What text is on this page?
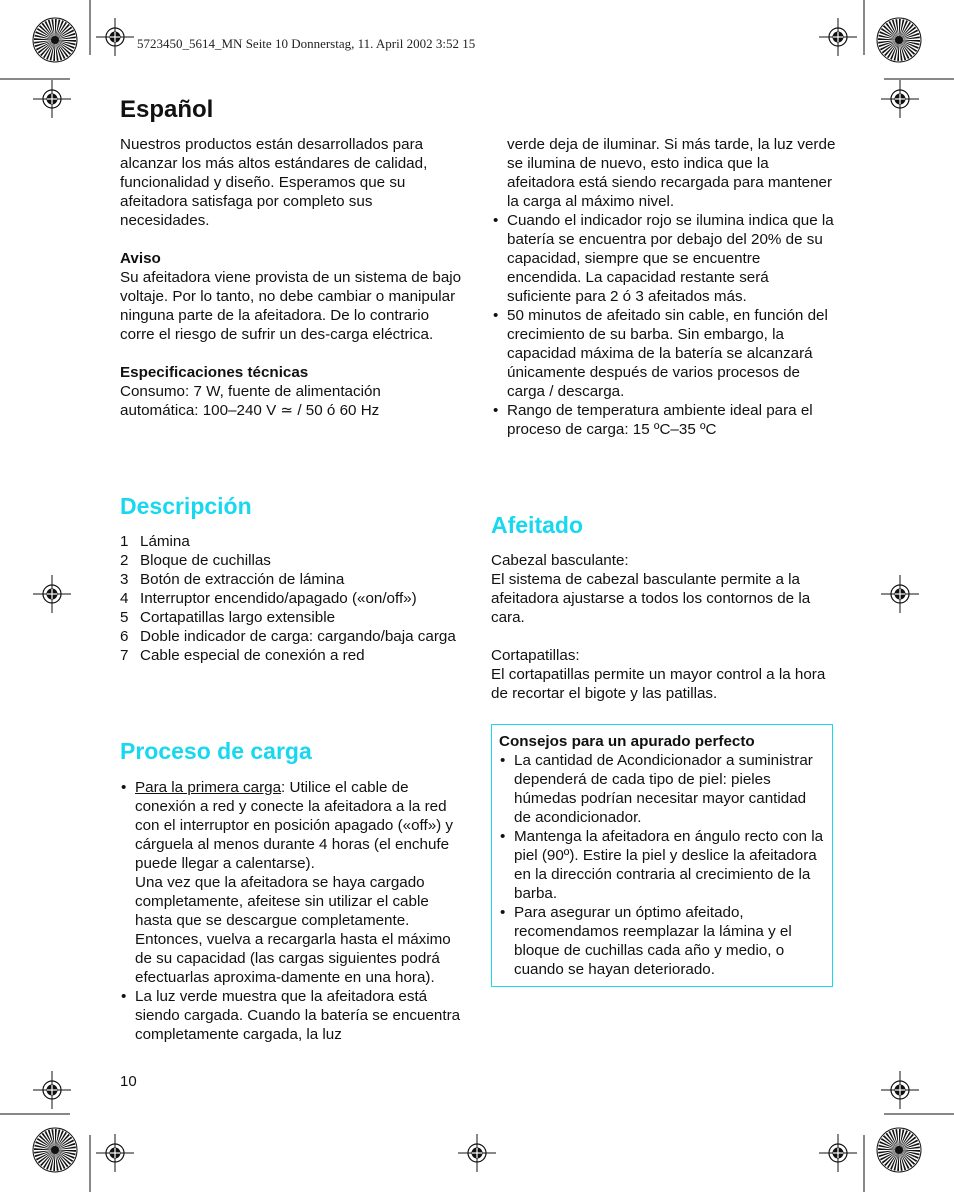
5723450_5614_MN Seite 10 Donnerstag, 11. April 2002 3:52 15
Español

Nuestros productos están desarrollados para alcanzar los más altos estándares de calidad, funcionalidad y diseño. Esperamos que su afeitadora satisfaga por completo sus necesidades.

Aviso

Su afeitadora viene provista de un sistema de bajo voltaje. Por lo tanto, no debe cambiar o manipular ninguna parte de la afeitadora. De lo contrario corre el riesgo de sufrir un des-carga eléctrica.

Especificaciones técnicas

Consumo: 7 W, fuente de alimentación

automática: 100–240 V ≃ / 50 ó 60 Hz

Descripción
1 Lámina
2 Bloque de cuchillas
3 Botón de extracción de lámina
4 Interruptor encendido/apagado («on/off»)
5 Cortapatillas largo extensible
6 Doble indicador de carga: cargando/baja carga
7 Cable especial de conexión a red
Proceso de carga
• Para la primera carga: Utilice el cable de conexión a red y conecte la afeitadora a la red con el interruptor en posición apagado («off») y cárguela al menos durante 4 horas (el enchufe puede llegar a calentarse).
Una vez que la afeitadora se haya cargado completamente, afeitese sin utilizar el cable hasta que se descargue completamente. Entonces, vuelva a recargarla hasta el máximo de su capacidad (las cargas siguientes podrá efectuarlas aproxima-damente en una hora).
• La luz verde muestra que la afeitadora está siendo cargada. Cuando la batería se encuentra completamente cargada, la luz

verde deja de iluminar. Si más tarde, la luz verde se ilumina de nuevo, esto indica que la afeitadora está siendo recargada para mantener la carga al máximo nivel.

• Cuando el indicador rojo se ilumina indica que la batería se encuentra por debajo del 20% de su capacidad, siempre que se encuentre encendida. La capacidad restante será suficiente para 2 ó 3 afeitados más.
• 50 minutos de afeitado sin cable, en función del crecimiento de su barba. Sin embargo, la capacidad máxima de la batería se alcanzará únicamente después de varios procesos de carga / descarga.
• Rango de temperatura ambiente ideal para el proceso de carga: 15 ºC–35 ºC
Afeitado

Cabezal basculante:

El sistema de cabezal basculante permite a la afeitadora ajustarse a todos los contornos de la cara.

Cortapatillas:

El cortapatillas permite un mayor control a la hora de recortar el bigote y las patillas.

Consejos para un apurado perfecto

• La cantidad de Acondicionador a suministrar dependerá de cada tipo de piel: pieles húmedas podrían necesitar mayor cantidad de acondicionador.
• Mantenga la afeitadora en ángulo recto con la piel (90º). Estire la piel y deslice la afeitadora en la dirección contraria al crecimiento de la barba.
• Para asegurar un óptimo afeitado, recomendamos reemplazar la lámina y el bloque de cuchillas cada año y medio, o cuando se hayan deteriorado.
10
